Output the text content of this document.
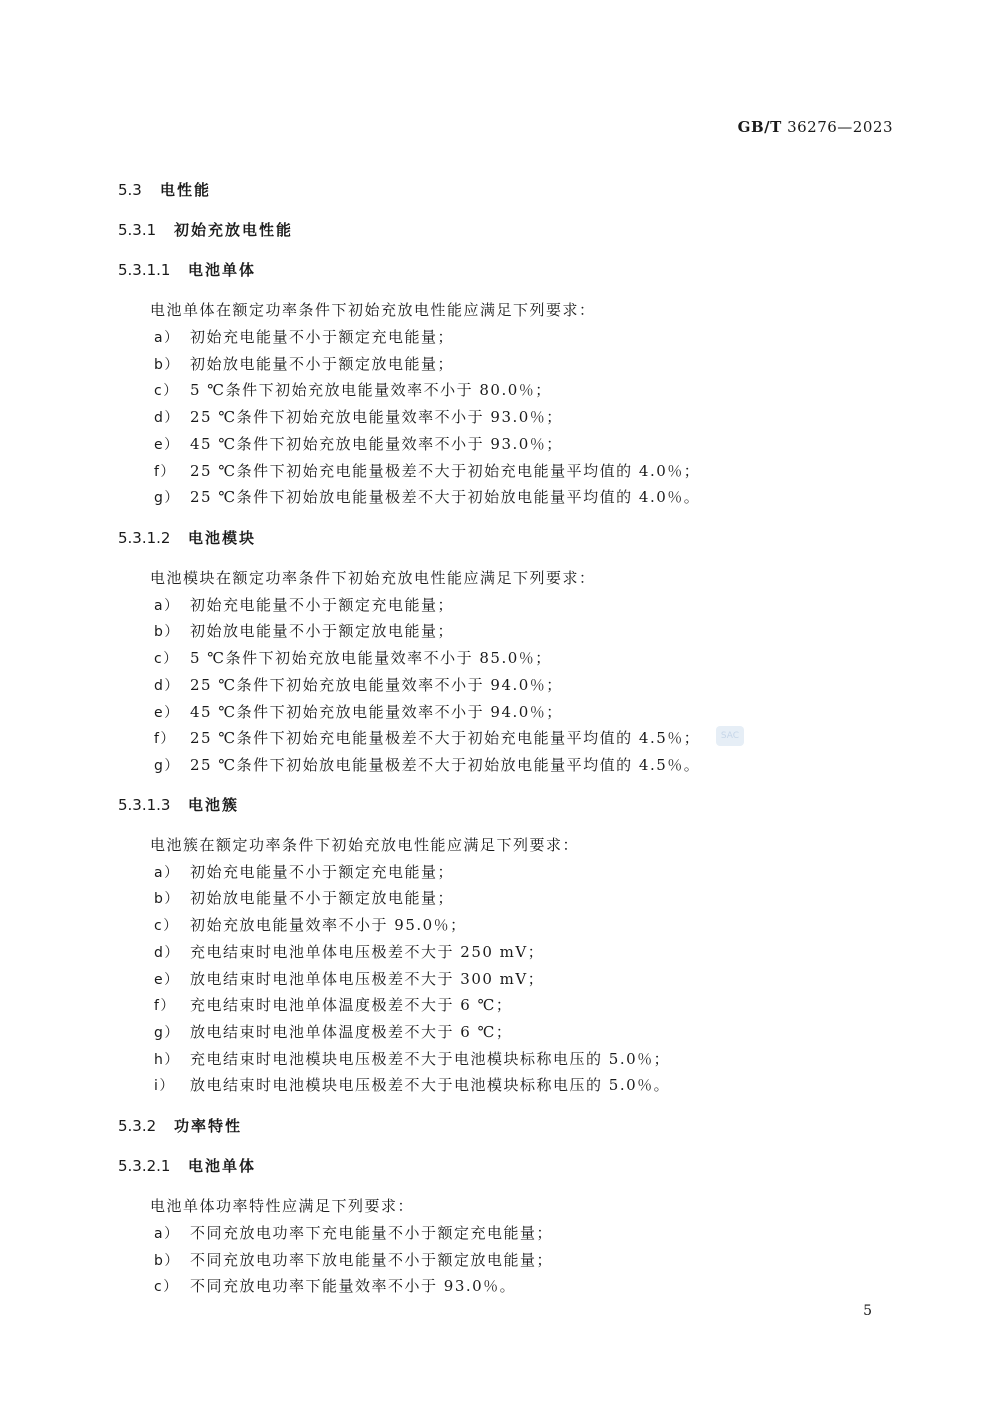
GB/T 36276—2023
5.3 电性能
5.3.1 初始充放电性能
5.3.1.1 电池单体
电池单体在额定功率条件下初始充放电性能应满足下列要求：
a） 初始充电能量不小于额定充电能量；
b） 初始放电能量不小于额定放电能量；
c） 5 ℃条件下初始充放电能量效率不小于 80.0％；
d） 25 ℃条件下初始充放电能量效率不小于 93.0％；
e） 45 ℃条件下初始充放电能量效率不小于 93.0％；
f） 25 ℃条件下初始充电能量极差不大于初始充电能量平均值的 4.0％；
g） 25 ℃条件下初始放电能量极差不大于初始放电能量平均值的 4.0％。
5.3.1.2 电池模块
电池模块在额定功率条件下初始充放电性能应满足下列要求：
a） 初始充电能量不小于额定充电能量；
b） 初始放电能量不小于额定放电能量；
c） 5 ℃条件下初始充放电能量效率不小于 85.0％；
d） 25 ℃条件下初始充放电能量效率不小于 94.0％；
e） 45 ℃条件下初始充放电能量效率不小于 94.0％；
f） 25 ℃条件下初始充电能量极差不大于初始充电能量平均值的 4.5％；
g） 25 ℃条件下初始放电能量极差不大于初始放电能量平均值的 4.5％。
SAC
5.3.1.3 电池簇
电池簇在额定功率条件下初始充放电性能应满足下列要求：
a） 初始充电能量不小于额定充电能量；
b） 初始放电能量不小于额定放电能量；
c） 初始充放电能量效率不小于 95.0％；
d） 充电结束时电池单体电压极差不大于 250 mV；
e） 放电结束时电池单体电压极差不大于 300 mV；
f） 充电结束时电池单体温度极差不大于 6 ℃；
g） 放电结束时电池单体温度极差不大于 6 ℃；
h） 充电结束时电池模块电压极差不大于电池模块标称电压的 5.0％；
i） 放电结束时电池模块电压极差不大于电池模块标称电压的 5.0％。
5.3.2 功率特性
5.3.2.1 电池单体
电池单体功率特性应满足下列要求：
a） 不同充放电功率下充电能量不小于额定充电能量；
b） 不同充放电功率下放电能量不小于额定放电能量；
c） 不同充放电功率下能量效率不小于 93.0％。
5
